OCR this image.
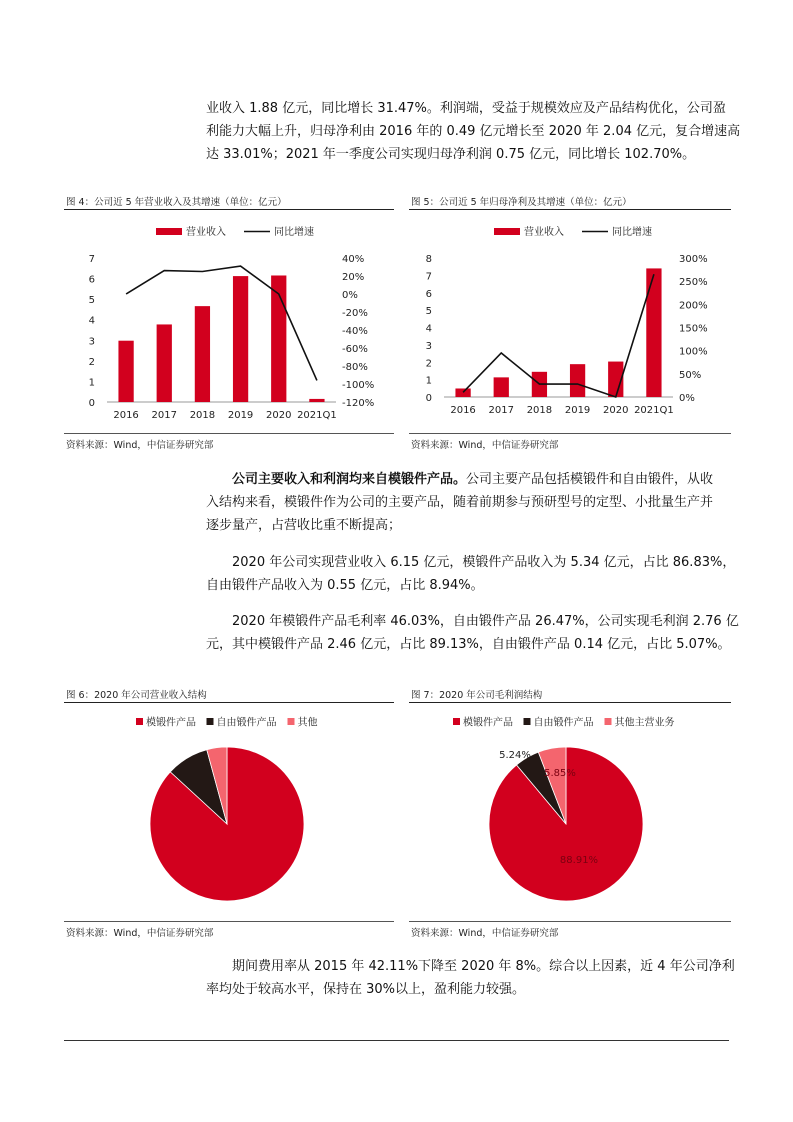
业收入 1.88 亿元，同比增长 31.47%。利润端，受益于规模效应及产品结构优化，公司盈
利能力大幅上升，归母净利由 2016 年的 0.49 亿元增长至 2020 年 2.04 亿元，复合增速高
达 33.01%；2021 年一季度公司实现归母净利润 0.75 亿元，同比增长 102.70%。
图 4：公司近 5 年营业收入及其增速（单位：亿元）	图 5：公司近 5 年归母净利及其增速（单位：亿元）
营业收入	同比增速
0
1
2
3
4
5
6
7
-120%
-100%
-80%
-60%
-40%
-20%
0%
20%
40%
2016 2017 2018 2019 2020 2021Q1
营业收入	同比增速
0
1
2
3
4
5
6
7
8
0%
50%
100%
150%
200%
250%
300%
2016 2017 2018 2019 2020 2021Q1
资料来源：Wind，中信证券研究部	资料来源：Wind，中信证券研究部
公司主要收入和利润均来自模锻件产品。公司主要产品包括模锻件和自由锻件，从收
入结构来看，模锻件作为公司的主要产品，随着前期参与预研型号的定型、小批量生产并
逐步量产，占营收比重不断提高；
2020 年公司实现营业收入 6.15 亿元，模锻件产品收入为 5.34 亿元，占比 86.83%，
自由锻件产品收入为 0.55 亿元，占比 8.94%。
2020 年模锻件产品毛利率 46.03%，自由锻件产品 26.47%，公司实现毛利润 2.76 亿
元，其中模锻件产品 2.46 亿元，占比 89.13%，自由锻件产品 0.14 亿元，占比 5.07%。
图 6：2020 年公司营业收入结构	图 7：2020 年公司毛利润结构
模锻件产品 自由锻件产品 其他	模锻件产品 自由锻件产品 其他主营业务
88.91%
5.24%
5.85%
资料来源：Wind，中信证券研究部	资料来源：Wind，中信证券研究部
期间费用率从 2015 年 42.11%下降至 2020 年 8%。综合以上因素，近 4 年公司净利
率均处于较高水平，保持在 30%以上，盈利能力较强。
